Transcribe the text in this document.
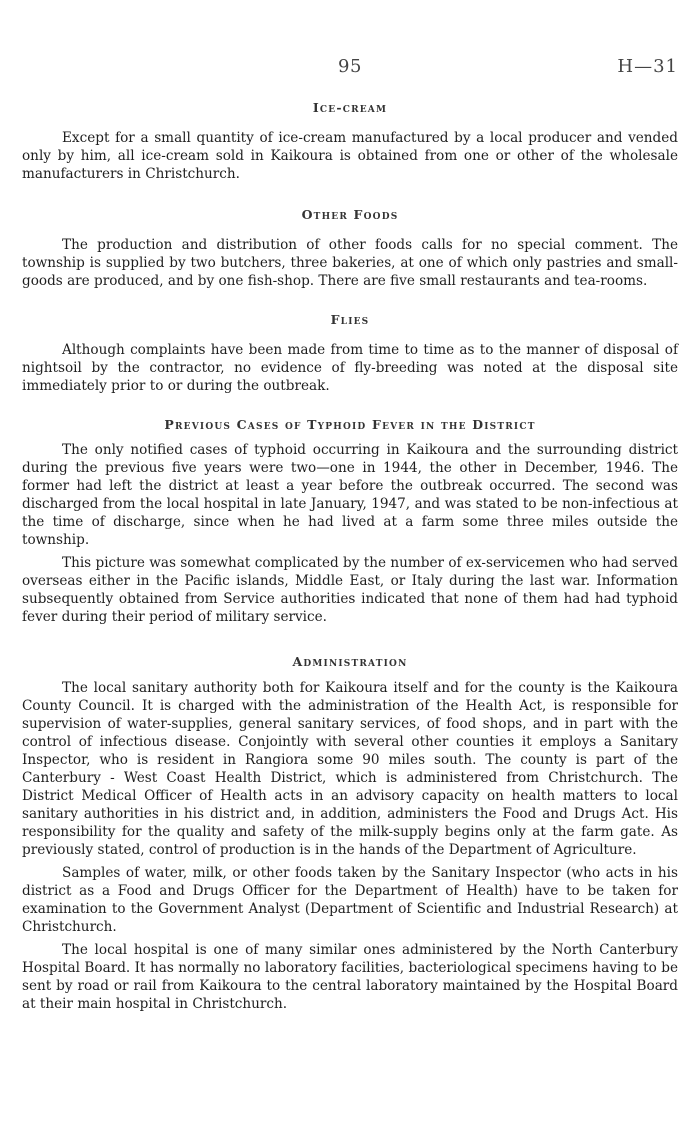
95	H—31
Ice-cream

Except for a small quantity of ice-cream manufactured by a local producer and vended only by him, all ice-cream sold in Kaikoura is obtained from one or other of the wholesale manufacturers in Christchurch.

Other Foods

The production and distribution of other foods calls for no special comment. The township is supplied by two butchers, three bakeries, at one of which only pastries and small-goods are produced, and by one fish-shop. There are five small restaurants and tea-rooms.

Flies

Although complaints have been made from time to time as to the manner of disposal of nightsoil by the contractor, no evidence of fly-breeding was noted at the disposal site immediately prior to or during the outbreak.

Previous Cases of Typhoid Fever in the District

The only notified cases of typhoid occurring in Kaikoura and the surrounding district during the previous five years were two—one in 1944, the other in December, 1946. The former had left the district at least a year before the outbreak occurred. The second was discharged from the local hospital in late January, 1947, and was stated to be non-infectious at the time of discharge, since when he had lived at a farm some three miles outside the township.

This picture was somewhat complicated by the number of ex-servicemen who had served overseas either in the Pacific islands, Middle East, or Italy during the last war. Information subsequently obtained from Service authorities indicated that none of them had had typhoid fever during their period of military service.

Administration

The local sanitary authority both for Kaikoura itself and for the county is the Kaikoura County Council. It is charged with the administration of the Health Act, is responsible for supervision of water-supplies, general sanitary services, of food shops, and in part with the control of infectious disease. Conjointly with several other counties it employs a Sanitary Inspector, who is resident in Rangiora some 90 miles south. The county is part of the Canterbury - West Coast Health District, which is administered from Christchurch. The District Medical Officer of Health acts in an advisory capacity on health matters to local sanitary authorities in his district and, in addition, administers the Food and Drugs Act. His responsibility for the quality and safety of the milk-supply begins only at the farm gate. As previously stated, control of production is in the hands of the Department of Agriculture.

Samples of water, milk, or other foods taken by the Sanitary Inspector (who acts in his district as a Food and Drugs Officer for the Department of Health) have to be taken for examination to the Government Analyst (Department of Scientific and Industrial Research) at Christchurch.

The local hospital is one of many similar ones administered by the North Canterbury Hospital Board. It has normally no laboratory facilities, bacteriological specimens having to be sent by road or rail from Kaikoura to the central laboratory maintained by the Hospital Board at their main hospital in Christchurch.
